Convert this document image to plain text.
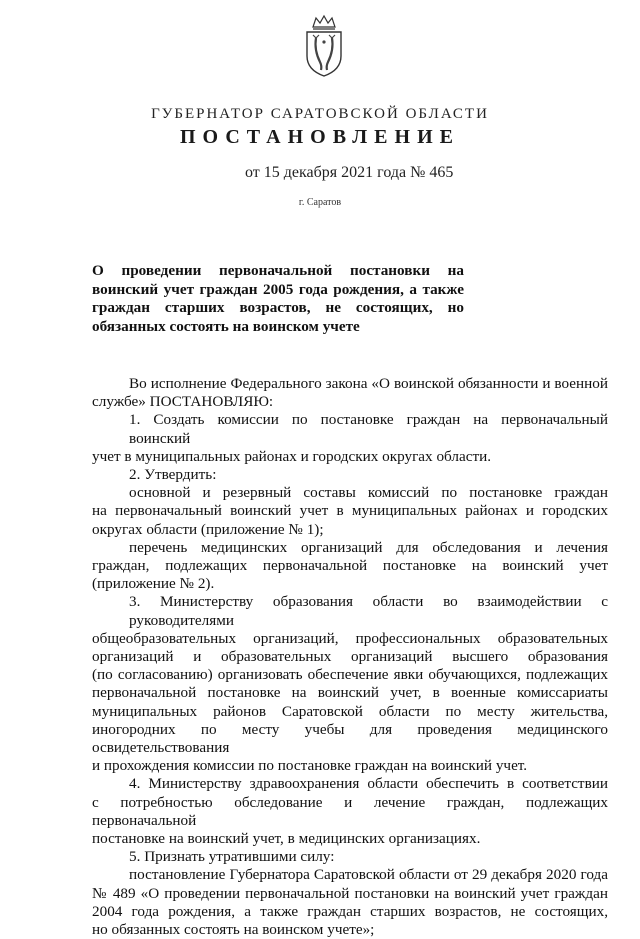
ГУБЕРНАТОР САРАТОВСКОЙ ОБЛАСТИ
ПОСТАНОВЛЕНИЕ
от 15 декабря 2021 года № 465
г. Саратов
О проведении первоначальной постановки на воинский учет граждан 2005 года рождения, а также граждан старших возрастов, не состоящих, но обязанных состоять на воинском учете
Во исполнение Федерального закона «О воинской обязанности и военной
службе» ПОСТАНОВЛЯЮ:
1. Создать комиссии по постановке граждан на первоначальный воинский
учет в муниципальных районах и городских округах области.
2. Утвердить:
основной и резервный составы комиссий по постановке граждан
на первоначальный воинский учет в муниципальных районах и городских
округах области (приложение № 1);
перечень медицинских организаций для обследования и лечения
граждан, подлежащих первоначальной постановке на воинский учет
(приложение № 2).
3. Министерству образования области во взаимодействии с руководителями
общеобразовательных организаций, профессиональных образовательных
организаций и образовательных организаций высшего образования
(по согласованию) организовать обеспечение явки обучающихся, подлежащих
первоначальной постановке на воинский учет, в военные комиссариаты
муниципальных районов Саратовской области по месту жительства,
иногородних по месту учебы для проведения медицинского освидетельствования
и прохождения комиссии по постановке граждан на воинский учет.
4. Министерству здравоохранения области обеспечить в соответствии
с потребностью обследование и лечение граждан, подлежащих первоначальной
постановке на воинский учет, в медицинских организациях.
5. Признать утратившими силу:
постановление Губернатора Саратовской области от 29 декабря 2020 года
№ 489 «О проведении первоначальной постановки на воинский учет граждан
2004 года рождения, а также граждан старших возрастов, не состоящих,
но обязанных состоять на воинском учете»;
